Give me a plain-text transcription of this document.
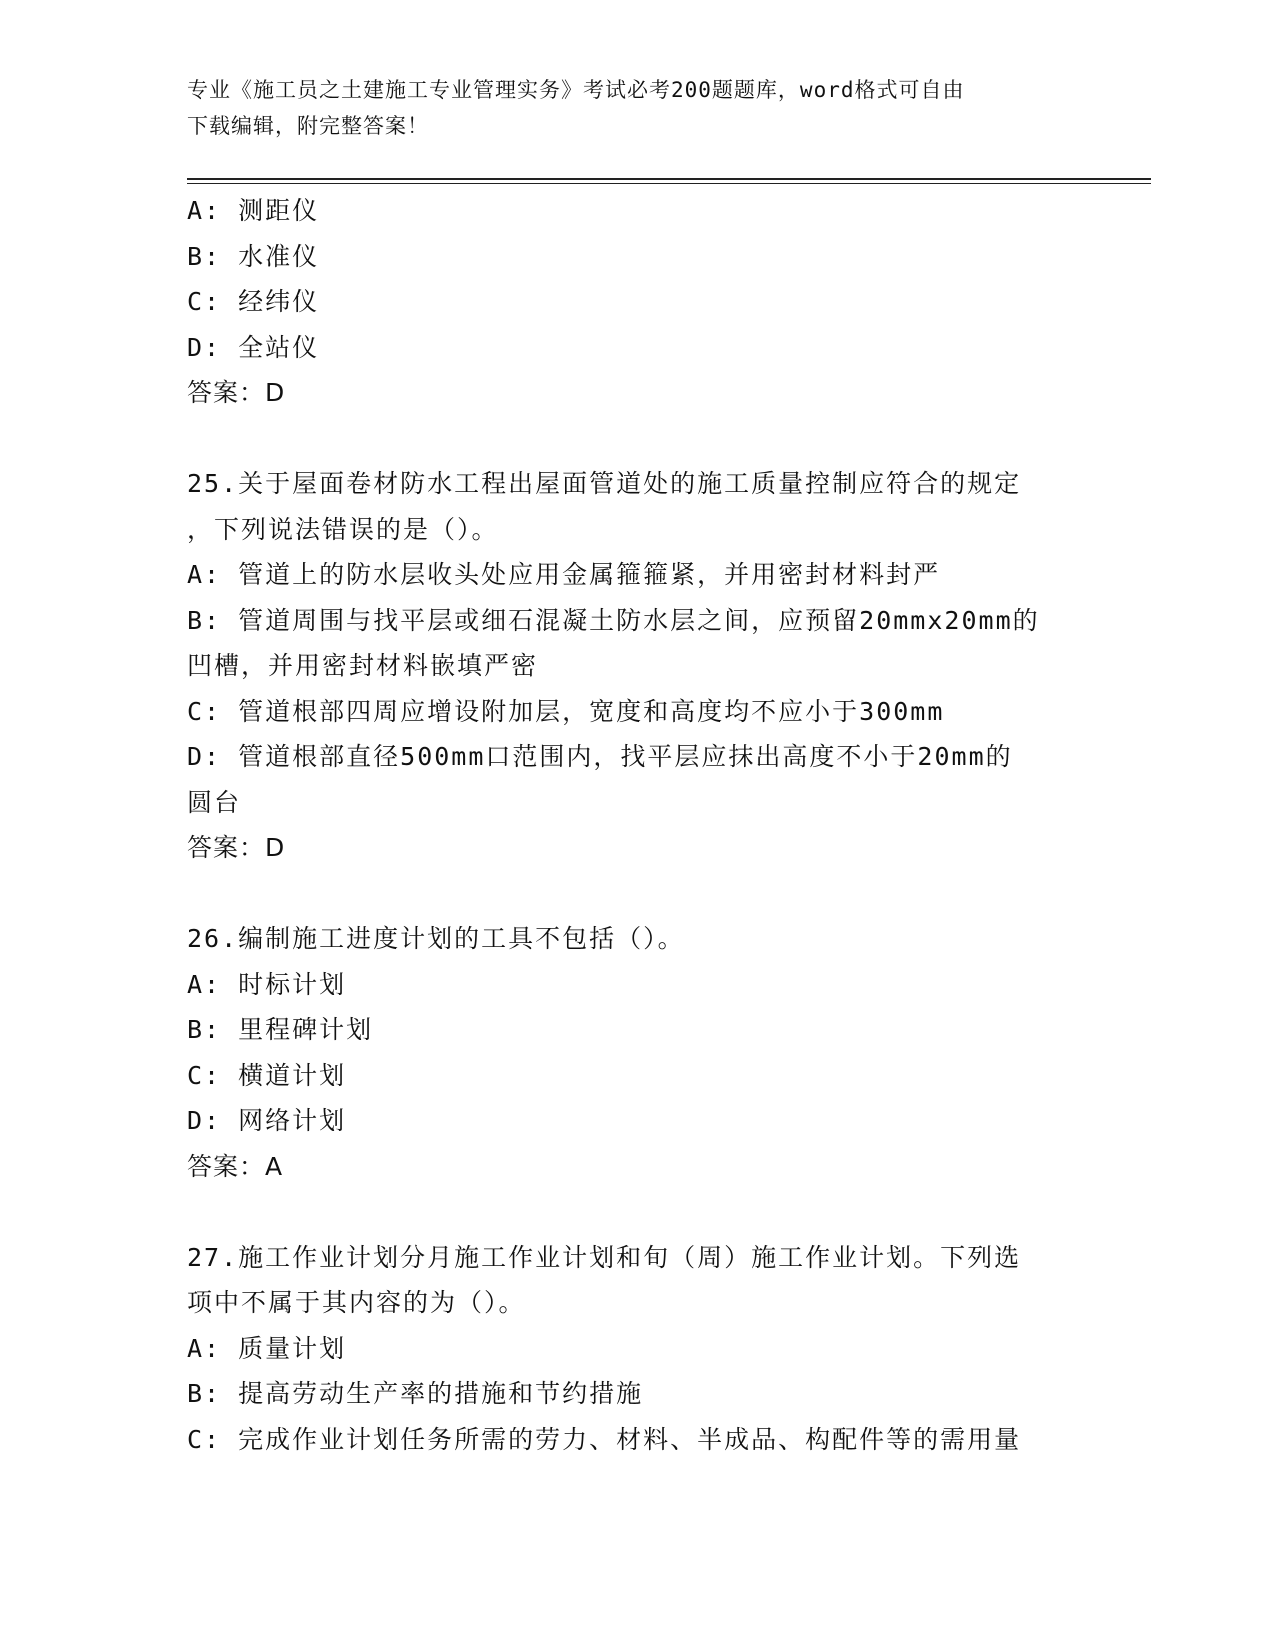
专业《施工员之土建施工专业管理实务》考试必考200题题库，word格式可自由
下载编辑，附完整答案！
A: 测距仪
B: 水准仪
C: 经纬仪
D: 全站仪
答案：D
25.关于屋面卷材防水工程出屋面管道处的施工质量控制应符合的规定
，下列说法错误的是（）。
A: 管道上的防水层收头处应用金属箍箍紧，并用密封材料封严
B: 管道周围与找平层或细石混凝土防水层之间，应预留20mmx20mm的
凹槽，并用密封材料嵌填严密
C: 管道根部四周应增设附加层，宽度和高度均不应小于300mm
D: 管道根部直径500mm口范围内，找平层应抹出高度不小于20mm的
圆台
答案：D
26.编制施工进度计划的工具不包括（）。
A: 时标计划
B: 里程碑计划
C: 横道计划
D: 网络计划
答案：A
27.施工作业计划分月施工作业计划和旬（周）施工作业计划。下列选
项中不属于其内容的为（）。
A: 质量计划
B: 提高劳动生产率的措施和节约措施
C: 完成作业计划任务所需的劳力、材料、半成品、构配件等的需用量
